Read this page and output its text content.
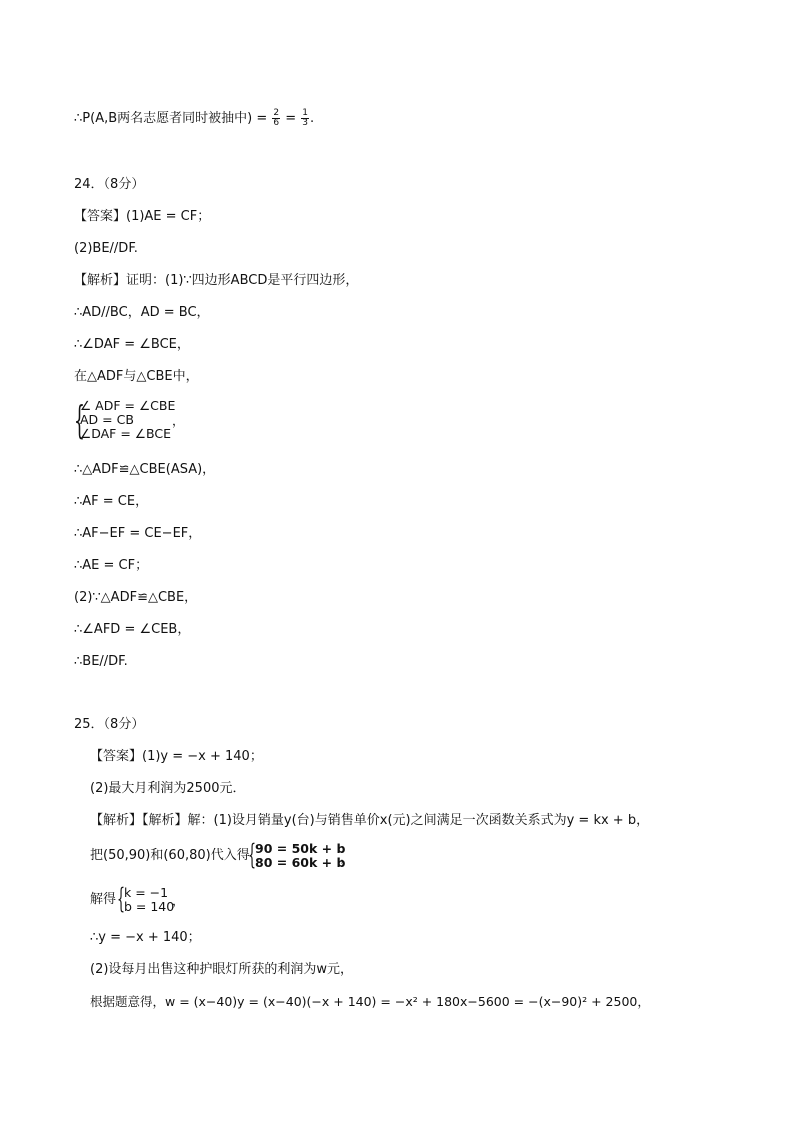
∴P(A,B两名志愿者同时被抽中) = $\frac{2}{6} = \frac{1}{3}$ .
24．（8分）
【答案】(1)AE = CF；
(2)BE//DF.
【解析】证明：(1)∵四边形ABCD是平行四边形，
∴AD//BC，AD = BC，
∴∠DAF = ∠BCE，
在△ADF与△CBE中，
{
∠ ADF = ∠CBE
AD = CB
∠DAF = ∠BCE
，
∴△ADF≌△CBE(ASA)，
∴AF = CE，
∴AF−EF = CE−EF，
∴AE = CF；
(2)∵△ADF≌△CBE，
∴∠AFD = ∠CEB，
∴BE//DF.
25．（8分）
【答案】(1)y = −x + 140；
(2)最大月利润为2500元．
【解析】【解析】解：(1)设月销量y(台)与销售单价x(元)之间满足一次函数关系式为y = kx + b，
把(50,90)和(60,80)代入得
{
90 = 50k + b
80 = 60k + b
，
解得 {
k = −1
b = 140
，
∴y = −x + 140；
(2)设每月出售这种护眼灯所获的利润为w元，
根据题意得，w = (x−40)y = (x−40)(−x + 140) = −x² + 180x−5600 = −(x−90)² + 2500，
